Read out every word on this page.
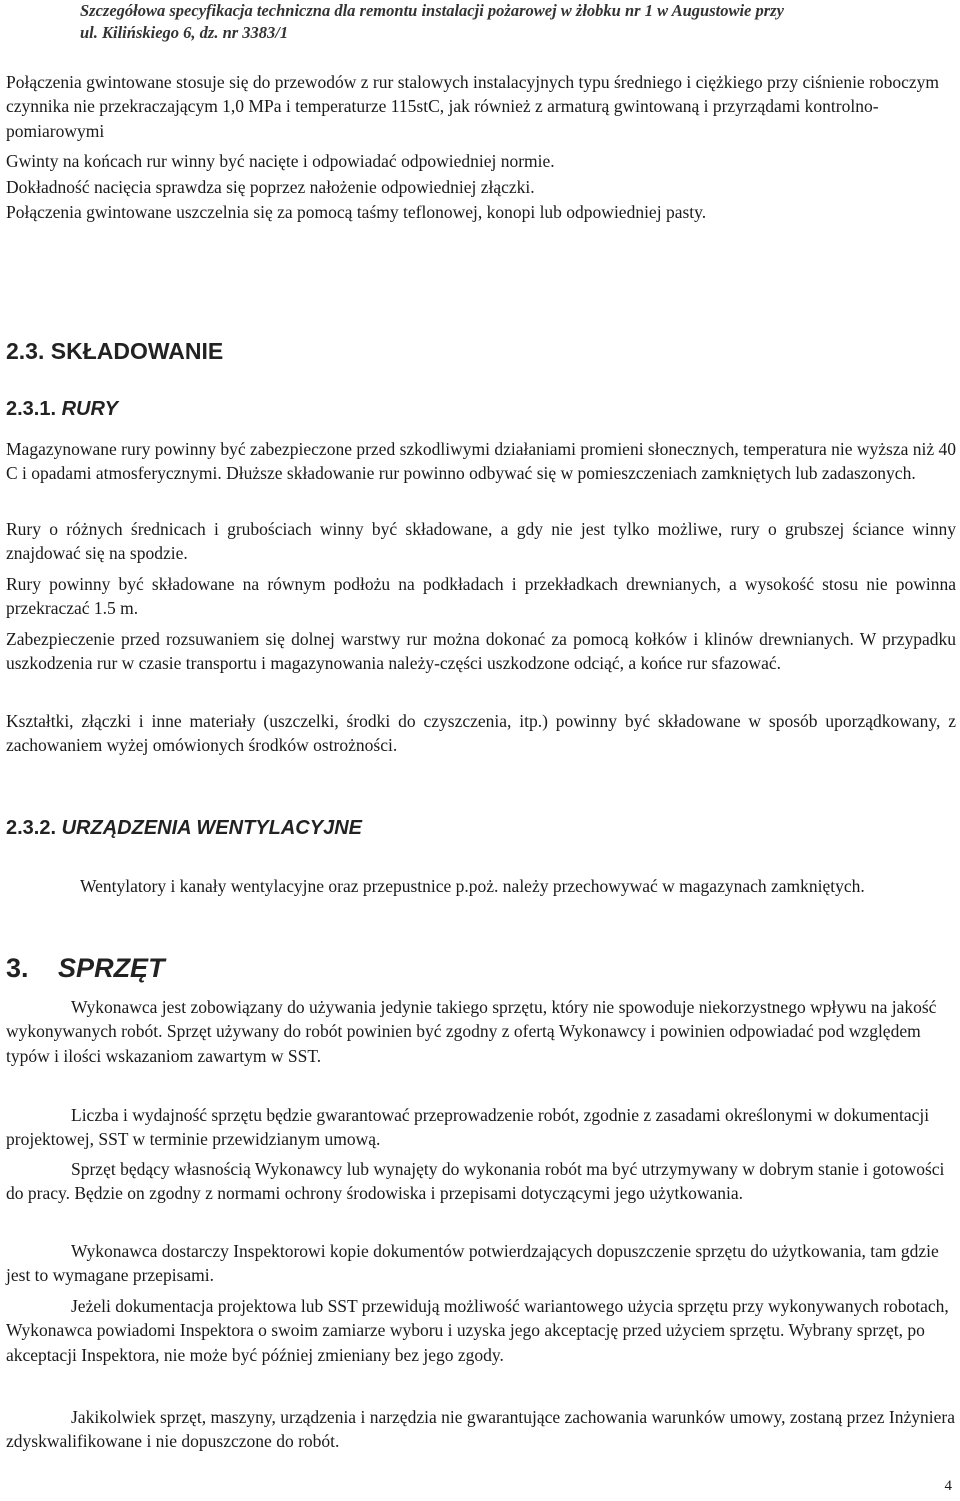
Szczegółowa specyfikacja techniczna dla remontu instalacji pożarowej w żłobku nr 1 w Augustowie przy
ul. Kilińskiego 6, dz. nr 3383/1
Połączenia gwintowane stosuje się do przewodów z rur stalowych instalacyjnych typu średniego i ciężkiego przy ciśnienie roboczym czynnika nie przekraczającym 1,0 MPa i temperaturze 115stC, jak również z armaturą gwintowaną i przyrządami kontrolno-pomiarowymi
Gwinty na końcach rur winny być nacięte i odpowiadać odpowiedniej normie.
Dokładność nacięcia sprawdza się poprzez nałożenie odpowiedniej złączki.
Połączenia gwintowane uszczelnia się za pomocą taśmy teflonowej, konopi lub odpowiedniej pasty.
2.3. SKŁADOWANIE
2.3.1. RURY
Magazynowane rury powinny być zabezpieczone przed szkodliwymi działaniami promieni słonecznych, temperatura nie wyższa niż 40 C i opadami atmosferycznymi. Dłuższe składowanie rur powinno odbywać się w pomieszczeniach zamkniętych lub zadaszonych.
Rury o różnych średnicach i grubościach winny być składowane, a gdy nie jest tylko możliwe, rury o grubszej ściance winny znajdować się na spodzie.
Rury powinny być składowane na równym podłożu na podkładach i przekładkach drewnianych, a wysokość stosu nie powinna przekraczać 1.5 m.
Zabezpieczenie przed rozsuwaniem się dolnej warstwy rur można dokonać za pomocą kołków i klinów drewnianych. W przypadku uszkodzenia rur w czasie transportu i magazynowania należy-części uszkodzone odciąć, a końce rur sfazować.
Kształtki, złączki i inne materiały (uszczelki, środki do czyszczenia, itp.) powinny być składowane w sposób uporządkowany, z zachowaniem wyżej omówionych środków ostrożności.
2.3.2. URZĄDZENIA WENTYLACYJNE
Wentylatory i kanały wentylacyjne oraz przepustnice p.poż. należy przechowywać w magazynach zamkniętych.
3. SPRZĘT
Wykonawca jest zobowiązany do używania jedynie takiego sprzętu, który nie spowoduje niekorzystnego wpływu na jakość wykonywanych robót. Sprzęt używany do robót powinien być zgodny z ofertą Wykonawcy i powinien odpowiadać pod względem typów i ilości wskazaniom zawartym w SST.
Liczba i wydajność sprzętu będzie gwarantować przeprowadzenie robót, zgodnie z zasadami określonymi w dokumentacji projektowej, SST w terminie przewidzianym umową.
Sprzęt będący własnością Wykonawcy lub wynajęty do wykonania robót ma być utrzymywany w dobrym stanie i gotowości do pracy. Będzie on zgodny z normami ochrony środowiska i przepisami dotyczącymi jego użytkowania.
Wykonawca dostarczy Inspektorowi kopie dokumentów potwierdzających dopuszczenie sprzętu do użytkowania, tam gdzie jest to wymagane przepisami.
Jeżeli dokumentacja projektowa lub SST przewidują możliwość wariantowego użycia sprzętu przy wykonywanych robotach, Wykonawca powiadomi Inspektora o swoim zamiarze wyboru i uzyska jego akceptację przed użyciem sprzętu. Wybrany sprzęt, po akceptacji Inspektora, nie może być później zmieniany bez jego zgody.
Jakikolwiek sprzęt, maszyny, urządzenia i narzędzia nie gwarantujące zachowania warunków umowy, zostaną przez Inżyniera zdyskwalifikowane i nie dopuszczone do robót.
4
